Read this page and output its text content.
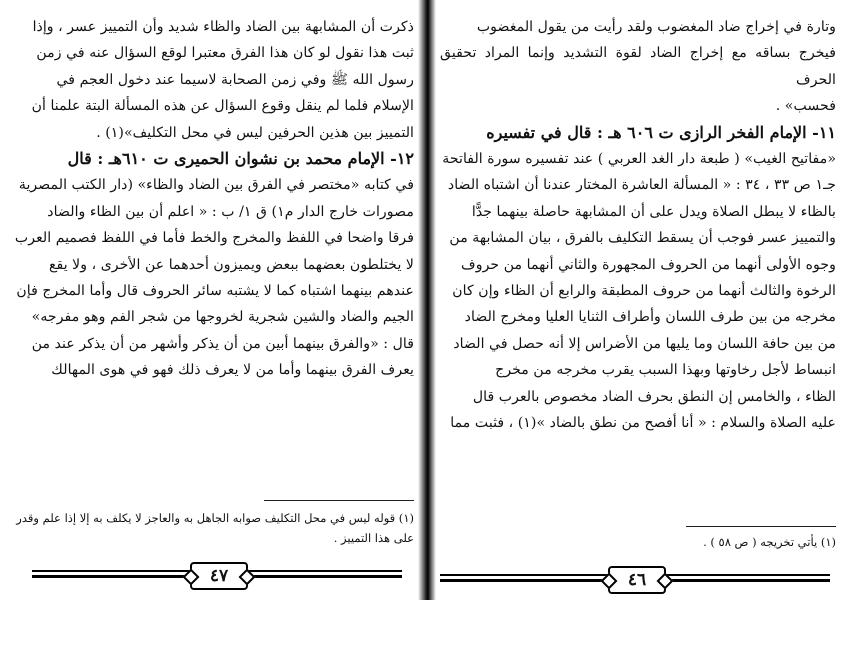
ذكرت أن المشابهة بين الضاد والظاء شديد وأن التمييز عسر ، وإذا

ثبت هذا نقول لو كان هذا الفرق معتبرا لوقع السؤال عنه في زمن

رسول الله ﷺ وفي زمن الصحابة لاسيما عند دخول العجم في

الإسلام فلما لم ينقل وقوع السؤال عن هذه المسألة البتة علمنا أن

التمييز بين هذين الحرفين ليس في محل التكليف»(١) .

١٢- الإمام محمد بن نشوان الحميرى ت ٦١٠هـ : قال

في كتابه «مختصر في الفرق بين الضاد والظاء» (دار الكتب المصرية

مصورات خارج الدار م١) ق ١/ ب : « اعلم أن بين الظاء والضاد

فرقا واضحا في اللفظ والمخرج والخط فأما في اللفظ فصميم العرب

لا يختلطون بعضهما ببعض ويميزون أحدهما عن الأخرى ، ولا يقع

عندهم بينهما اشتباه كما لا يشتبه سائر الحروف قال وأما المخرج فإن

الجيم والضاد والشين شجرية لخروجها من شجر الفم وهو مفرجه»

قال : «والفرق بينهما أبين من أن يذكر وأشهر من أن يذكر عند من

يعرف الفرق بينهما وأما من لا يعرف ذلك فهو في هوى المهالك

(١) قوله ليس في محل التكليف صوابه الجاهل به والعاجز لا يكلف به إلا إذا علم وقدر
على هذا التمييز .
٤٧

وتارة في إخراج ضاد المغضوب ولقد رأيت من يقول المغضوب

فيخرج بساقه مع إخراج الضاد لقوة التشديد وإنما المراد تحقيق الحرف

فحسب» .

١١- الإمام الفخر الرازى ت ٦٠٦ هـ : قال في تفسيره

«مفاتيح الغيب» ( طبعة دار الغد العربي ) عند تفسيره سورة الفاتحة

جـ١ ص ٣٣ ، ٣٤ : « المسألة العاشرة المختار عندنا أن اشتباه الضاد

بالظاء لا يبطل الصلاة ويدل على أن المشابهة حاصلة بينهما جدًّا

والتمييز عسر فوجب أن يسقط التكليف بالفرق ، بيان المشابهة من

وجوه الأولى أنهما من الحروف المجهورة والثاني أنهما من حروف

الرخوة والثالث أنهما من حروف المطبقة والرابع أن الظاء وإن كان

مخرجه من بين طرف اللسان وأطراف الثنايا العليا ومخرج الضاد

من بين حافة اللسان وما يليها من الأضراس إلا أنه حصل في الضاد

انبساط لأجل رخاوتها وبهذا السبب يقرب مخرجه من مخرج

الظاء ، والخامس إن النطق بحرف الضاد مخصوص بالعرب قال

عليه الصلاة والسلام : « أنا أفصح من نطق بالضاد »(١) ، فثبت مما

(١) يأتي تخريجه ( ص ٥٨ ) .
٤٦
